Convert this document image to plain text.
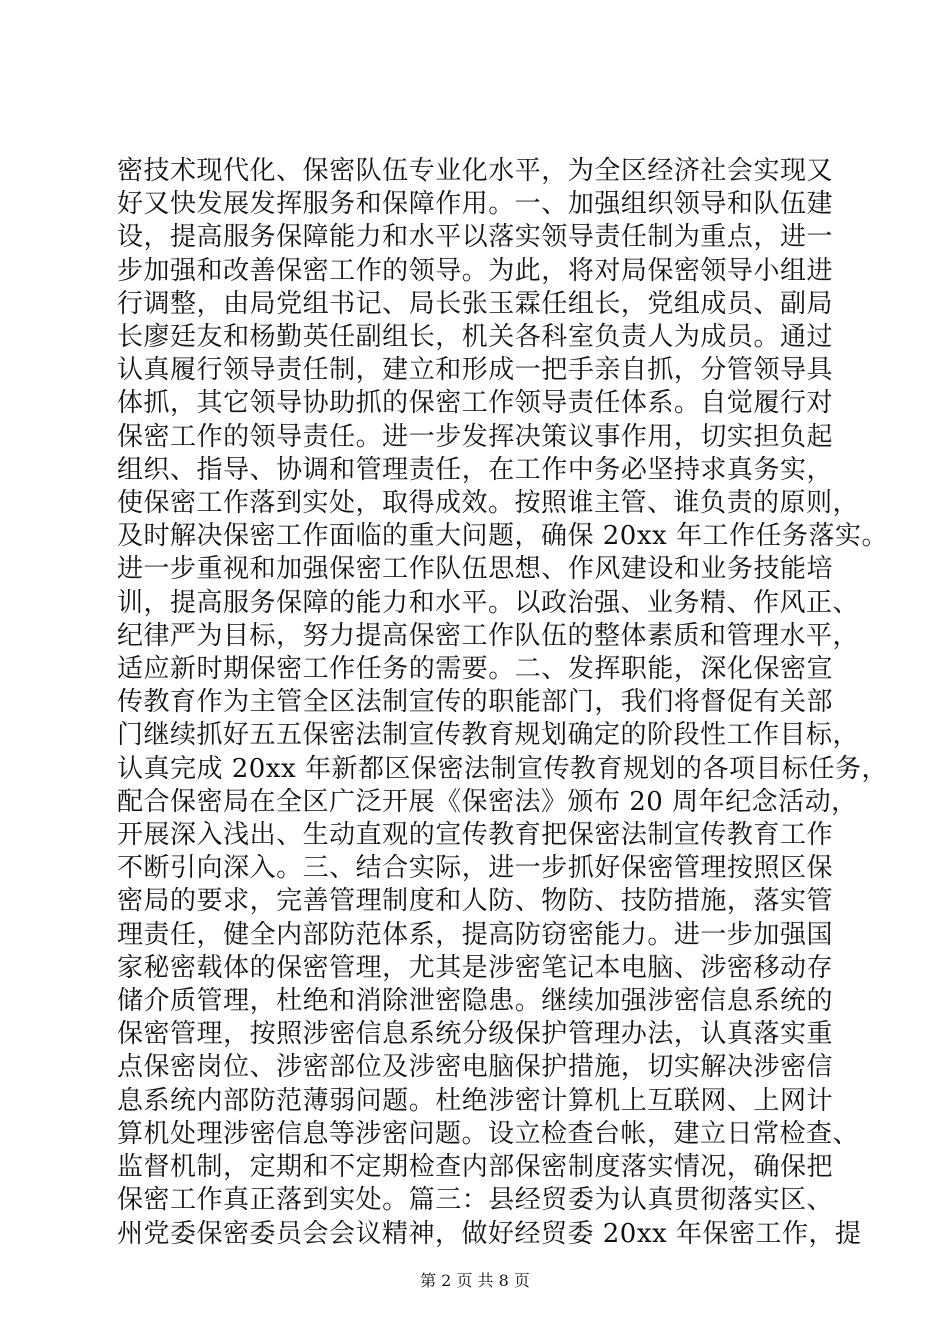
密技术现代化、保密队伍专业化水平，为全区经济社会实现又
好又快发展发挥服务和保障作用。一、加强组织领导和队伍建
设，提高服务保障能力和水平以落实领导责任制为重点，进一
步加强和改善保密工作的领导。为此，将对局保密领导小组进
行调整，由局党组书记、局长张玉霖任组长，党组成员、副局
长廖廷友和杨勤英任副组长，机关各科室负责人为成员。通过
认真履行领导责任制，建立和形成一把手亲自抓，分管领导具
体抓，其它领导协助抓的保密工作领导责任体系。自觉履行对
保密工作的领导责任。进一步发挥决策议事作用，切实担负起
组织、指导、协调和管理责任，在工作中务必坚持求真务实，
使保密工作落到实处，取得成效。按照谁主管、谁负责的原则，
及时解决保密工作面临的重大问题，确保 20xx 年工作任务落实。
进一步重视和加强保密工作队伍思想、作风建设和业务技能培
训，提高服务保障的能力和水平。以政治强、业务精、作风正、
纪律严为目标，努力提高保密工作队伍的整体素质和管理水平，
适应新时期保密工作任务的需要。二、发挥职能，深化保密宣
传教育作为主管全区法制宣传的职能部门，我们将督促有关部
门继续抓好五五保密法制宣传教育规划确定的阶段性工作目标，
认真完成 20xx 年新都区保密法制宣传教育规划的各项目标任务，
配合保密局在全区广泛开展《保密法》颁布 20 周年纪念活动，
开展深入浅出、生动直观的宣传教育把保密法制宣传教育工作
不断引向深入。三、结合实际，进一步抓好保密管理按照区保
密局的要求，完善管理制度和人防、物防、技防措施，落实管
理责任，健全内部防范体系，提高防窃密能力。进一步加强国
家秘密载体的保密管理，尤其是涉密笔记本电脑、涉密移动存
储介质管理，杜绝和消除泄密隐患。继续加强涉密信息系统的
保密管理，按照涉密信息系统分级保护管理办法，认真落实重
点保密岗位、涉密部位及涉密电脑保护措施，切实解决涉密信
息系统内部防范薄弱问题。杜绝涉密计算机上互联网、上网计
算机处理涉密信息等涉密问题。设立检查台帐，建立日常检查、
监督机制，定期和不定期检查内部保密制度落实情况，确保把
保密工作真正落到实处。篇三：县经贸委为认真贯彻落实区、
州党委保密委员会会议精神，做好经贸委 20xx 年保密工作，提
第 2 页 共 8 页
